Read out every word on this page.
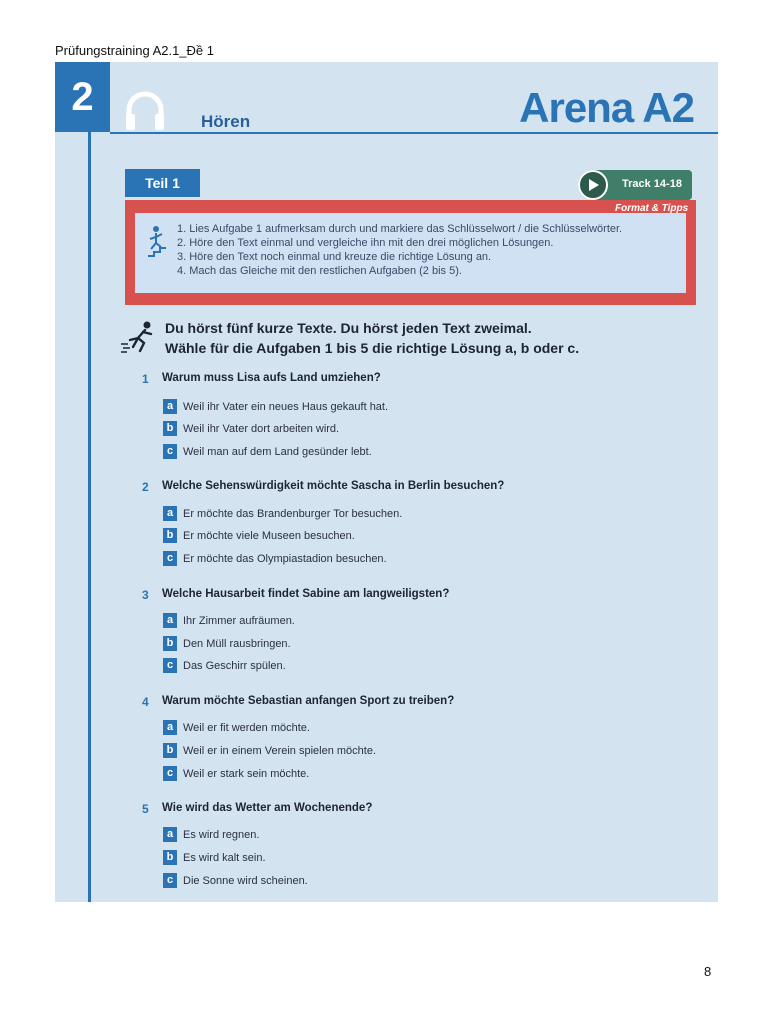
Prüfungstraining A2.1_Đề 1
2
Hören	Arena A2
Teil 1
1. Lies Aufgabe 1 aufmerksam durch und markiere das Schlüsselwort / die Schlüsselwörter.
2. Höre den Text einmal und vergleiche ihn mit den drei möglichen Lösungen.
3. Höre den Text noch einmal und kreuze die richtige Lösung an.
4. Mach das Gleiche mit den restlichen Aufgaben (2 bis 5).
Track 14-18
Format & Tipps
Du hörst fünf kurze Texte. Du hörst jeden Text zweimal.
Wähle für die Aufgaben 1 bis 5 die richtige Lösung a, b oder c.
1 Warum muss Lisa aufs Land umziehen?
a Weil ihr Vater ein neues Haus gekauft hat.
b Weil ihr Vater dort arbeiten wird.
c Weil man auf dem Land gesünder lebt.
2 Welche Sehenswürdigkeit möchte Sascha in Berlin besuchen?
a Er möchte das Brandenburger Tor besuchen.
b Er möchte viele Museen besuchen.
c Er möchte das Olympiastadion besuchen.
3 Welche Hausarbeit findet Sabine am langweiligsten?
a Ihr Zimmer aufräumen.
b Den Müll rausbringen.
c Das Geschirr spülen.
4 Warum möchte Sebastian anfangen Sport zu treiben?
a Weil er fit werden möchte.
b Weil er in einem Verein spielen möchte.
c Weil er stark sein möchte.
5 Wie wird das Wetter am Wochenende?
a Es wird regnen.
b Es wird kalt sein.
c Die Sonne wird scheinen.
8
